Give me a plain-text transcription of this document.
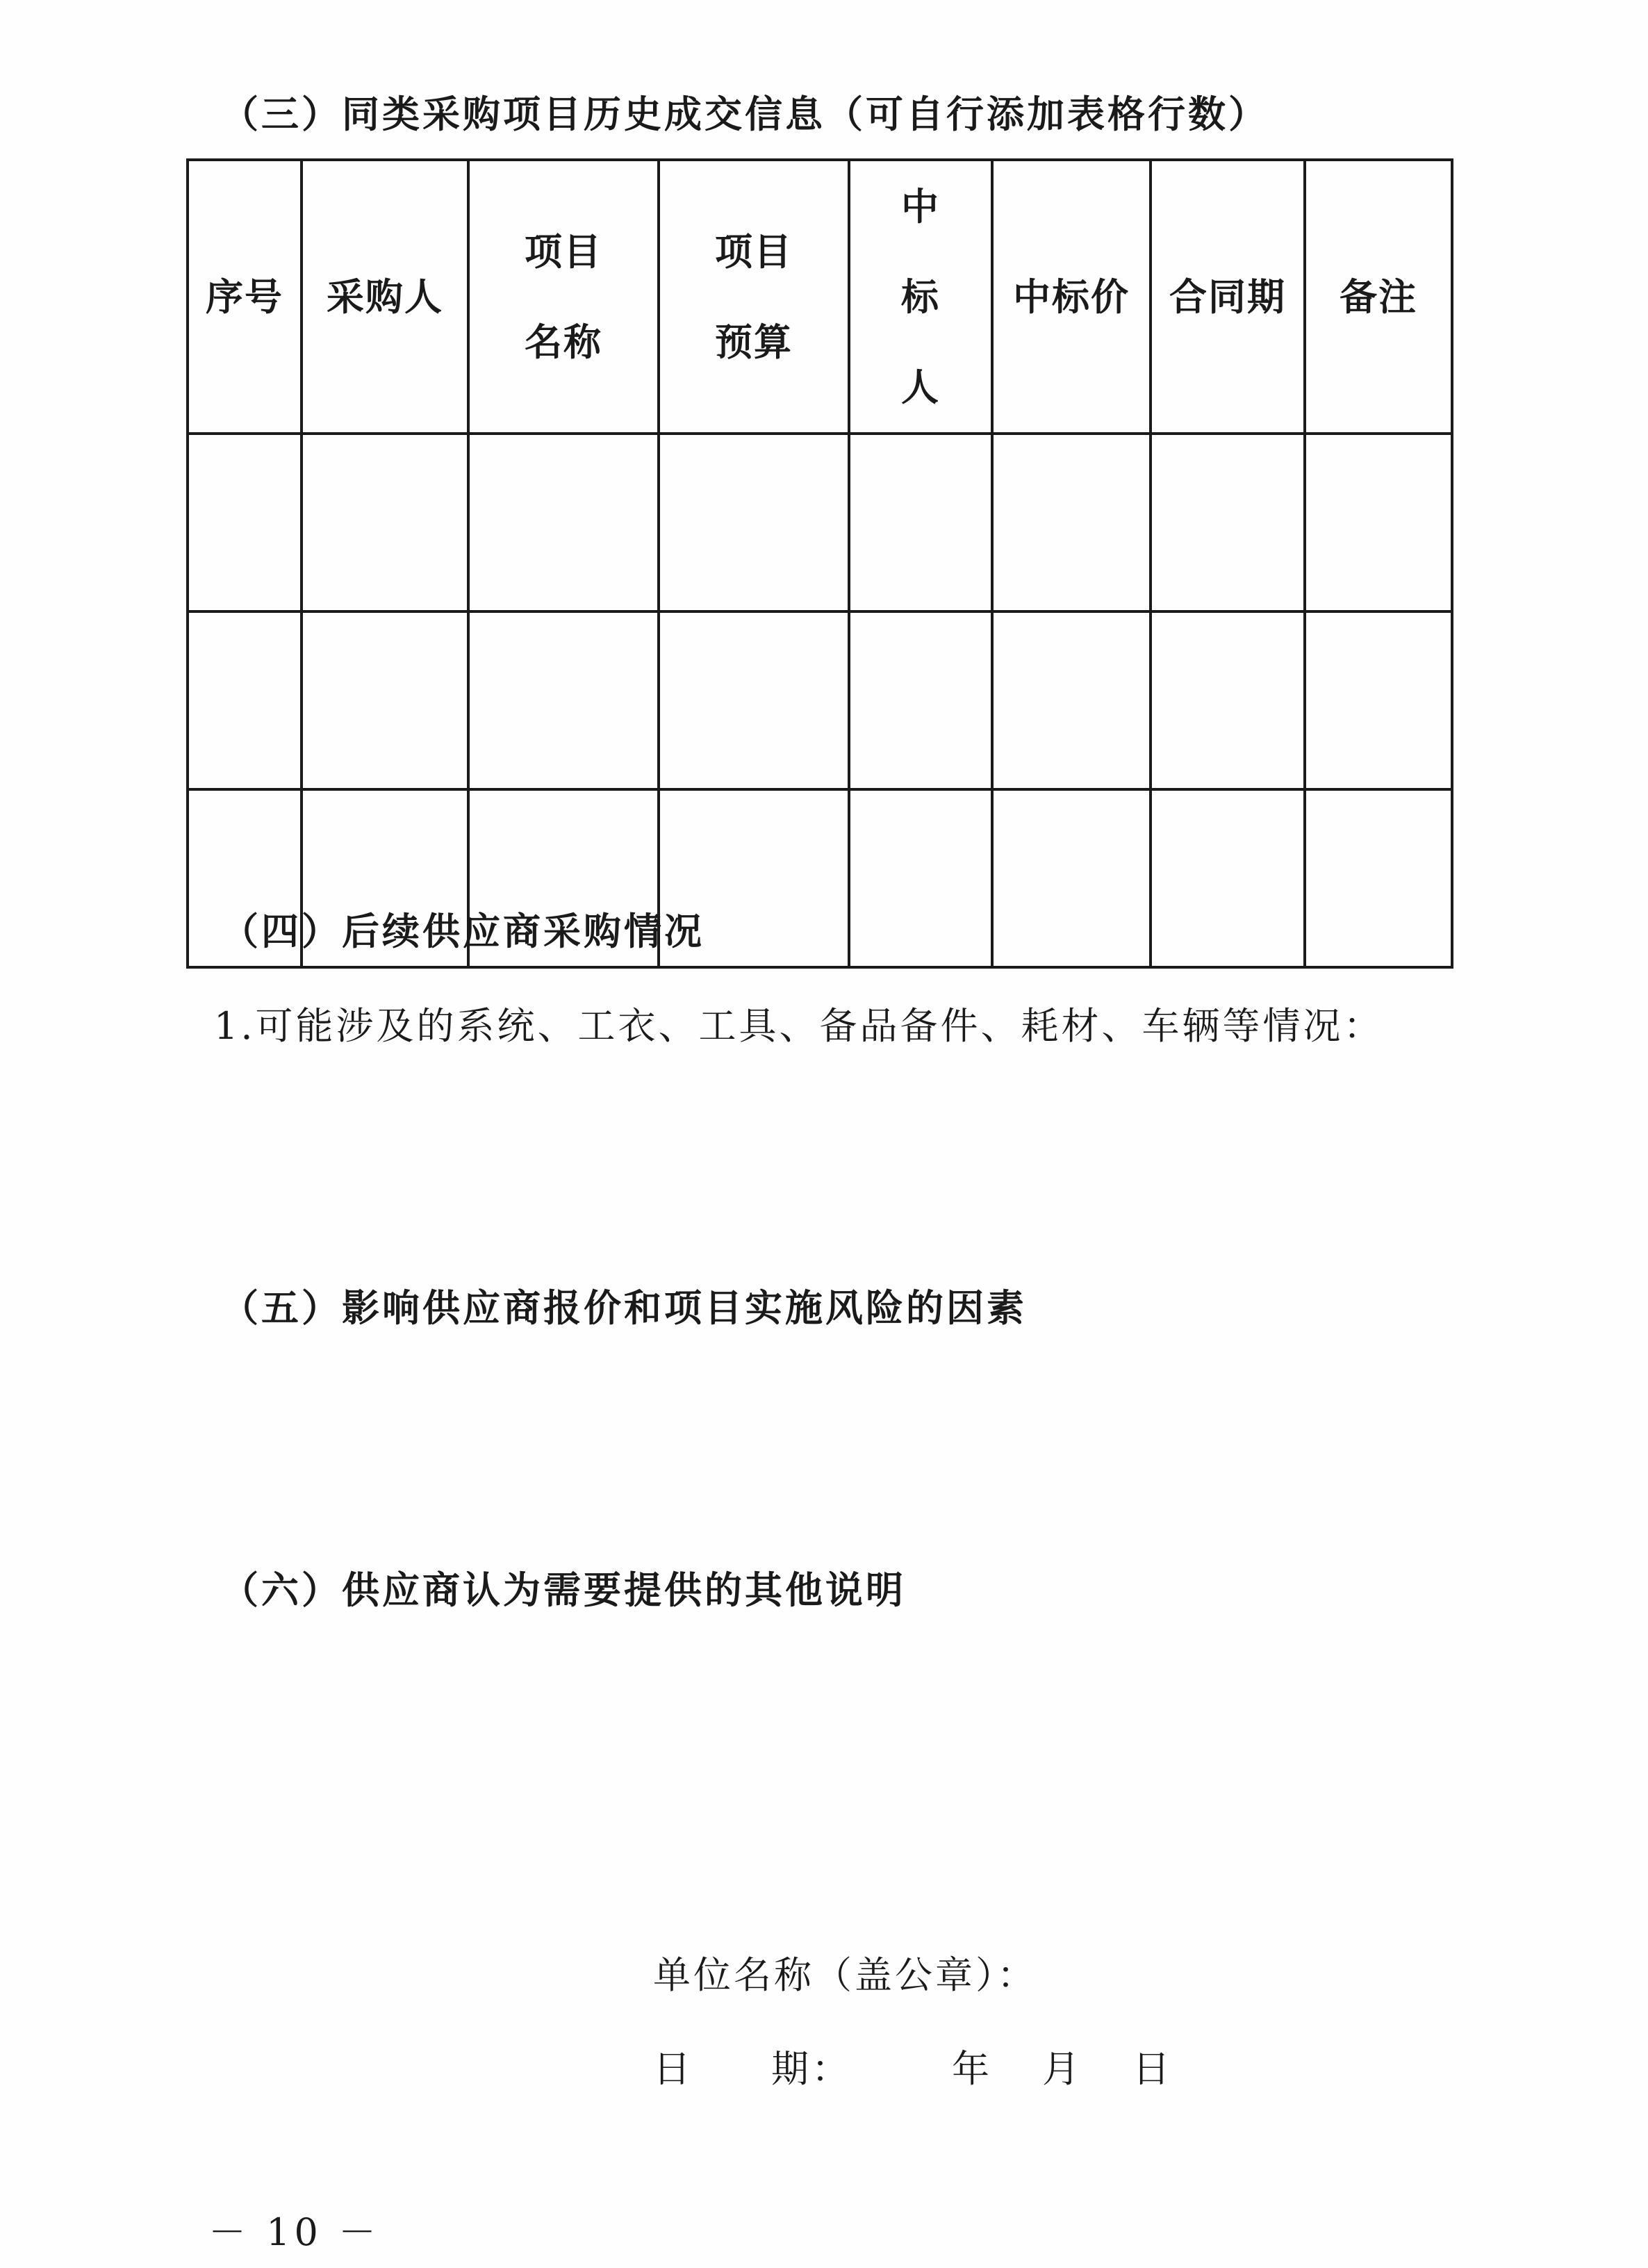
（三）同类采购项目历史成交信息（可自行添加表格行数）
序号	采购人	项目名称	项目预算	中标人	中标价	合同期	备注

（四）后续供应商采购情况
1.可能涉及的系统、工衣、工具、备品备件、耗材、车辆等情况：
（五）影响供应商报价和项目实施风险的因素
（六）供应商认为需要提供的其他说明
单位名称（盖公章）：
日 期：	年 月 日
－ 10 －
